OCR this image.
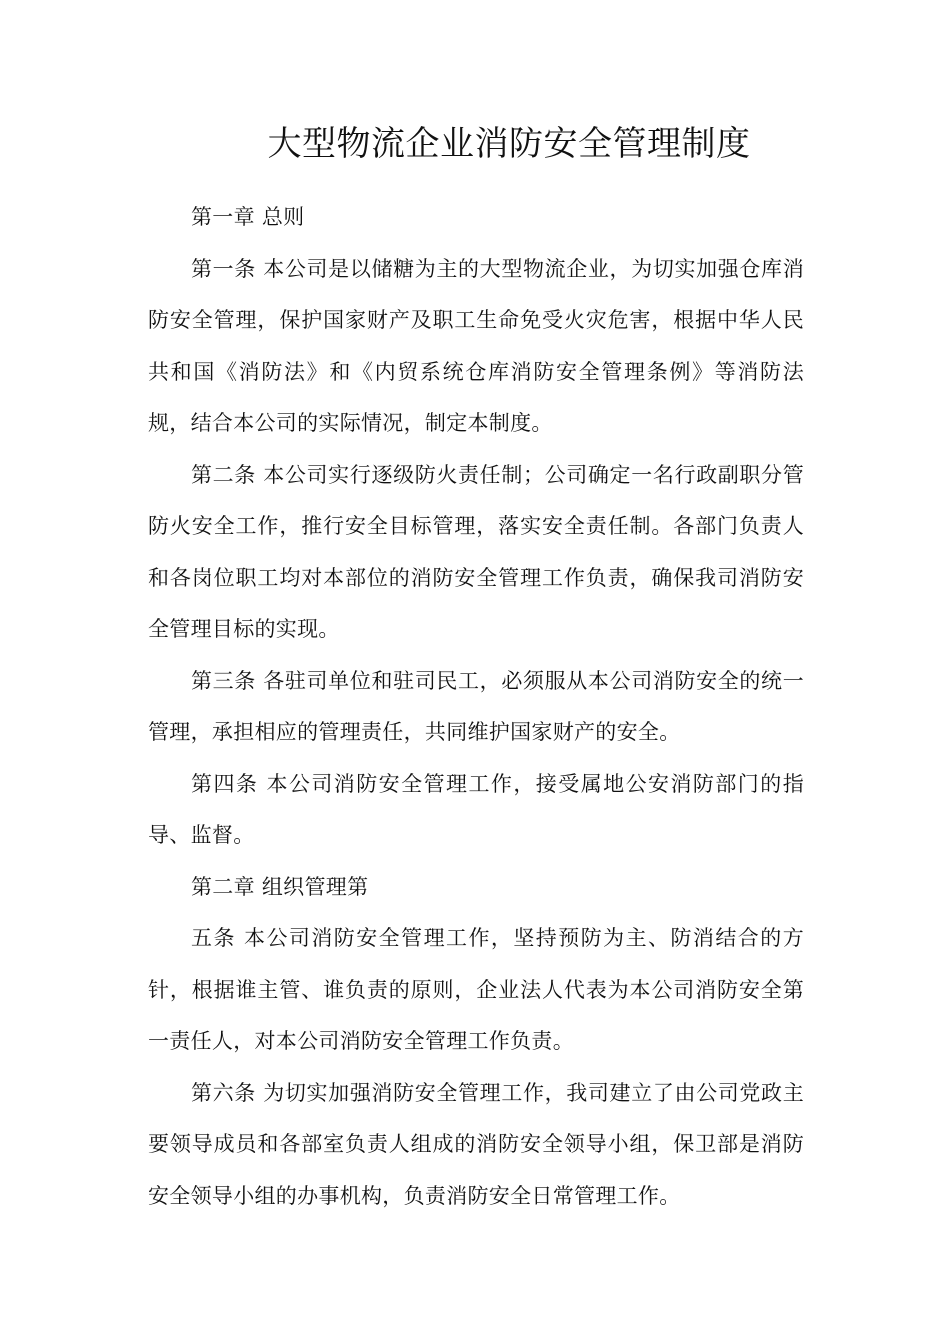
大型物流企业消防安全管理制度

第一章 总则

第一条 本公司是以储糖为主的大型物流企业，为切实加强仓库消防安全管理，保护国家财产及职工生命免受火灾危害，根据中华人民共和国《消防法》和《内贸系统仓库消防安全管理条例》等消防法规，结合本公司的实际情况，制定本制度。

第二条 本公司实行逐级防火责任制；公司确定一名行政副职分管防火安全工作，推行安全目标管理，落实安全责任制。各部门负责人和各岗位职工均对本部位的消防安全管理工作负责，确保我司消防安全管理目标的实现。

第三条 各驻司单位和驻司民工，必须服从本公司消防安全的统一管理，承担相应的管理责任，共同维护国家财产的安全。

第四条 本公司消防安全管理工作，接受属地公安消防部门的指导、监督。

第二章 组织管理第

五条 本公司消防安全管理工作，坚持预防为主、防消结合的方针，根据谁主管、谁负责的原则，企业法人代表为本公司消防安全第一责任人，对本公司消防安全管理工作负责。

第六条 为切实加强消防安全管理工作，我司建立了由公司党政主要领导成员和各部室负责人组成的消防安全领导小组，保卫部是消防安全领导小组的办事机构，负责消防安全日常管理工作。
